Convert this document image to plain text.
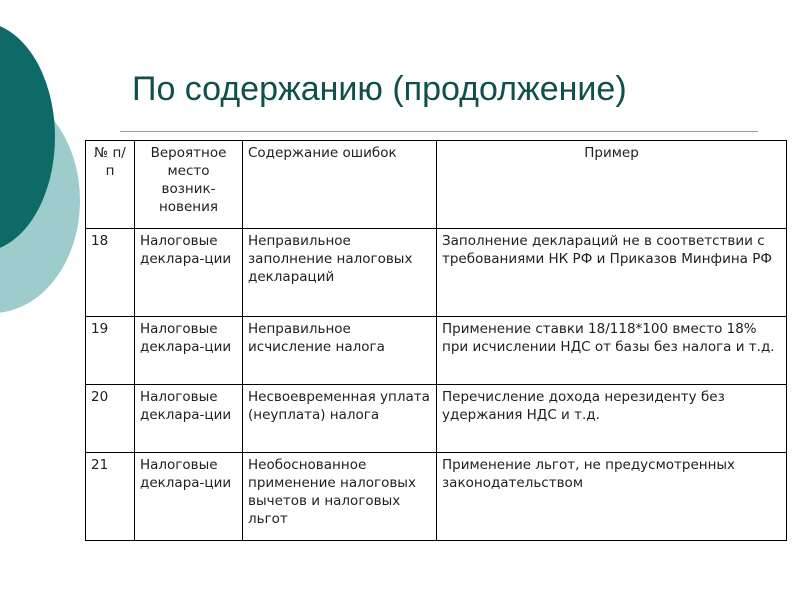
По содержанию (продолжение)
№ п/п	Вероятное место возник-новения	Содержание ошибок	Пример
18	Налоговые деклара-ции	Неправильное заполнение налоговых деклараций	Заполнение деклараций не в соответствии с требованиями НК РФ и Приказов Минфина РФ
19	Налоговые деклара-ции	Неправильное исчисление налога	Применение ставки 18/118*100 вместо 18% при исчислении НДС от базы без налога и т.д.
20	Налоговые деклара-ции	Несвоевременная уплата (неуплата) налога	Перечисление дохода нерезиденту без удержания НДС и т.д.
21	Налоговые деклара-ции	Необоснованное применение налоговых вычетов и налоговых льгот	Применение льгот, не предусмотренных законодательством
